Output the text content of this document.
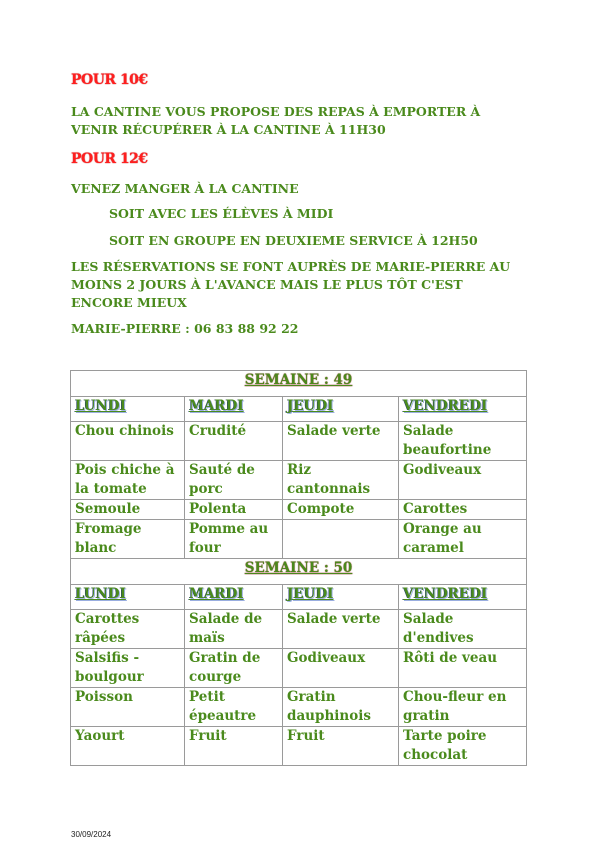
POUR 10€
LA CANTINE VOUS PROPOSE DES REPAS À EMPORTER À
VENIR RÉCUPÉRER À LA CANTINE À 11H30
POUR 12€
VENEZ MANGER À LA CANTINE
SOIT AVEC LES ÉLÈVES À MIDI
SOIT EN GROUPE EN DEUXIEME SERVICE À 12H50
LES RÉSERVATIONS SE FONT AUPRÈS DE MARIE-PIERRE AU
MOINS 2 JOURS À L'AVANCE MAIS LE PLUS TÔT C'EST
ENCORE MIEUX
MARIE-PIERRE : 06 83 88 92 22
SEMAINE : 49			
LUNDI	MARDI	JEUDI	VENDREDI
Chou chinois	Crudité	Salade verte	Salade beaufortine
Pois chiche à la tomate	Sauté de porc	Riz cantonnais	Godiveaux
Semoule	Polenta	Compote	Carottes
Fromage blanc	Pomme au four		Orange au caramel
SEMAINE : 50			
LUNDI	MARDI	JEUDI	VENDREDI
Carottes râpées	Salade de maïs	Salade verte	Salade d'endives
Salsifis - boulgour	Gratin de courge	Godiveaux	Rôti de veau
Poisson	Petit épeautre	Gratin dauphinois	Chou-fleur en gratin
Yaourt	Fruit	Fruit	Tarte poire chocolat
30/09/2024
